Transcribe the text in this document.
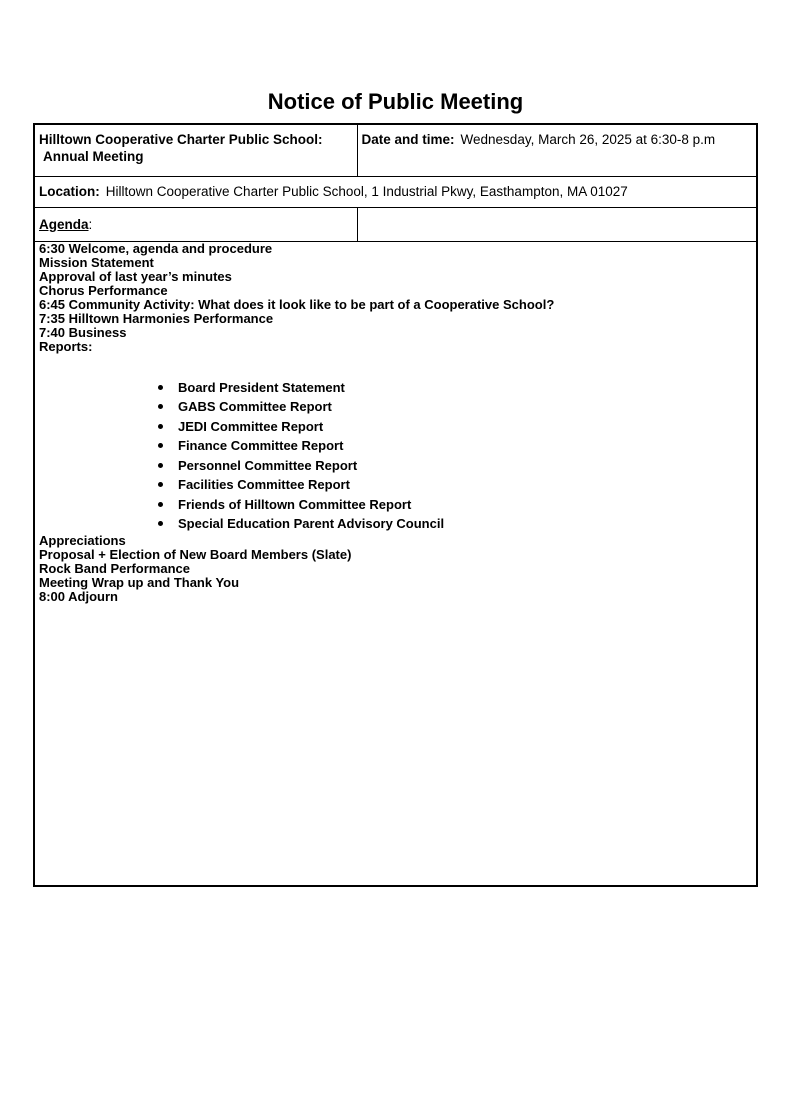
Notice of Public Meeting
Hilltown Cooperative Charter Public School:
Annual Meeting	Date and time: Wednesday, March 26, 2025 at 6:30-8 p.m
Location: Hilltown Cooperative Charter Public School, 1 Industrial Pkwy, Easthampton, MA 01027	
Agenda:	

6:30 Welcome, agenda and procedure

Mission Statement

Approval of last year’s minutes

Chorus Performance

6:45 Community Activity: What does it look like to be part of a Cooperative School?

7:35 Hilltown Harmonies Performance

7:40 Business

Reports:

Board President Statement
GABS Committee Report
JEDI Committee Report
Finance Committee Report
Personnel Committee Report
Facilities Committee Report
Friends of Hilltown Committee Report
Special Education Parent Advisory Council

Appreciations

Proposal + Election of New Board Members (Slate)

Rock Band Performance

Meeting Wrap up and Thank You

8:00 Adjourn
